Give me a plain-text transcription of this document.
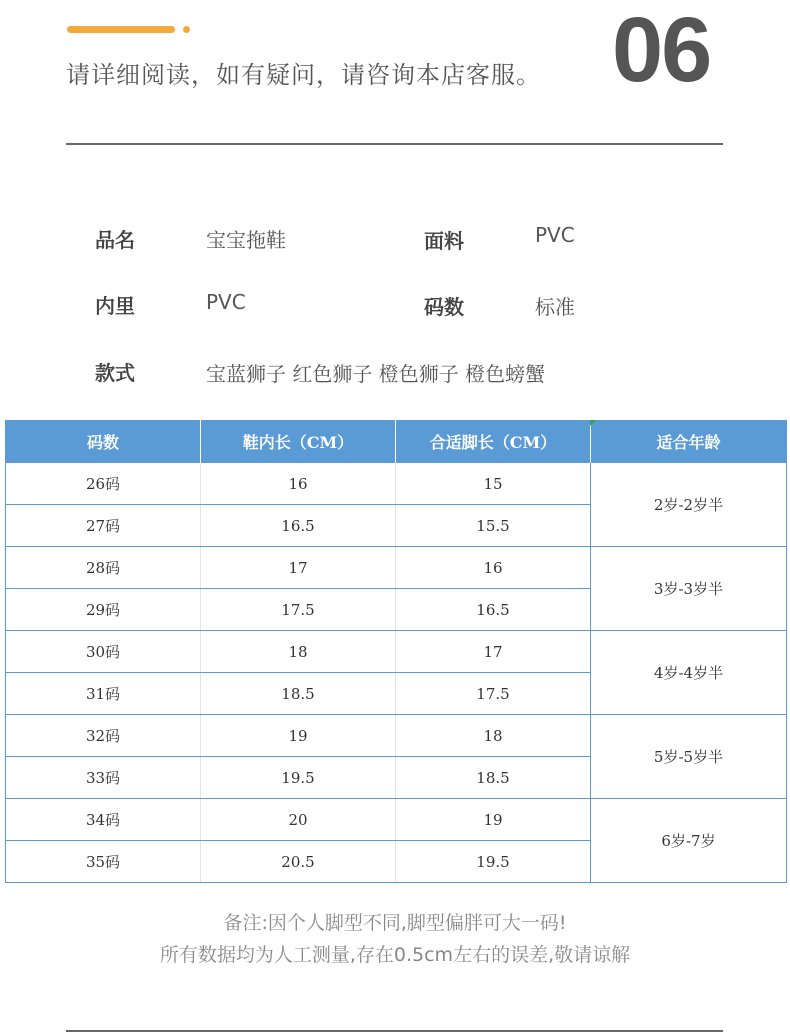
请详细阅读，如有疑问，请咨询本店客服。 06
品名	宝宝拖鞋	面料	PVC
内里	PVC	码数	标准
款式	宝蓝狮子 红色狮子 橙色狮子 橙色螃蟹
码数	鞋内长（CM）	合适脚长（CM）	适合年龄
26码	16	15	2岁-2岁半
27码	16.5	15.5	
28码	17	16	3岁-3岁半
29码	17.5	16.5	
30码	18	17	4岁-4岁半
31码	18.5	17.5	
32码	19	18	5岁-5岁半
33码	19.5	18.5	
34码	20	19	6岁-7岁
35码	20.5	19.5	
备注:因个人脚型不同,脚型偏胖可大一码!
所有数据均为人工测量,存在0.5cm左右的误差,敬请谅解
